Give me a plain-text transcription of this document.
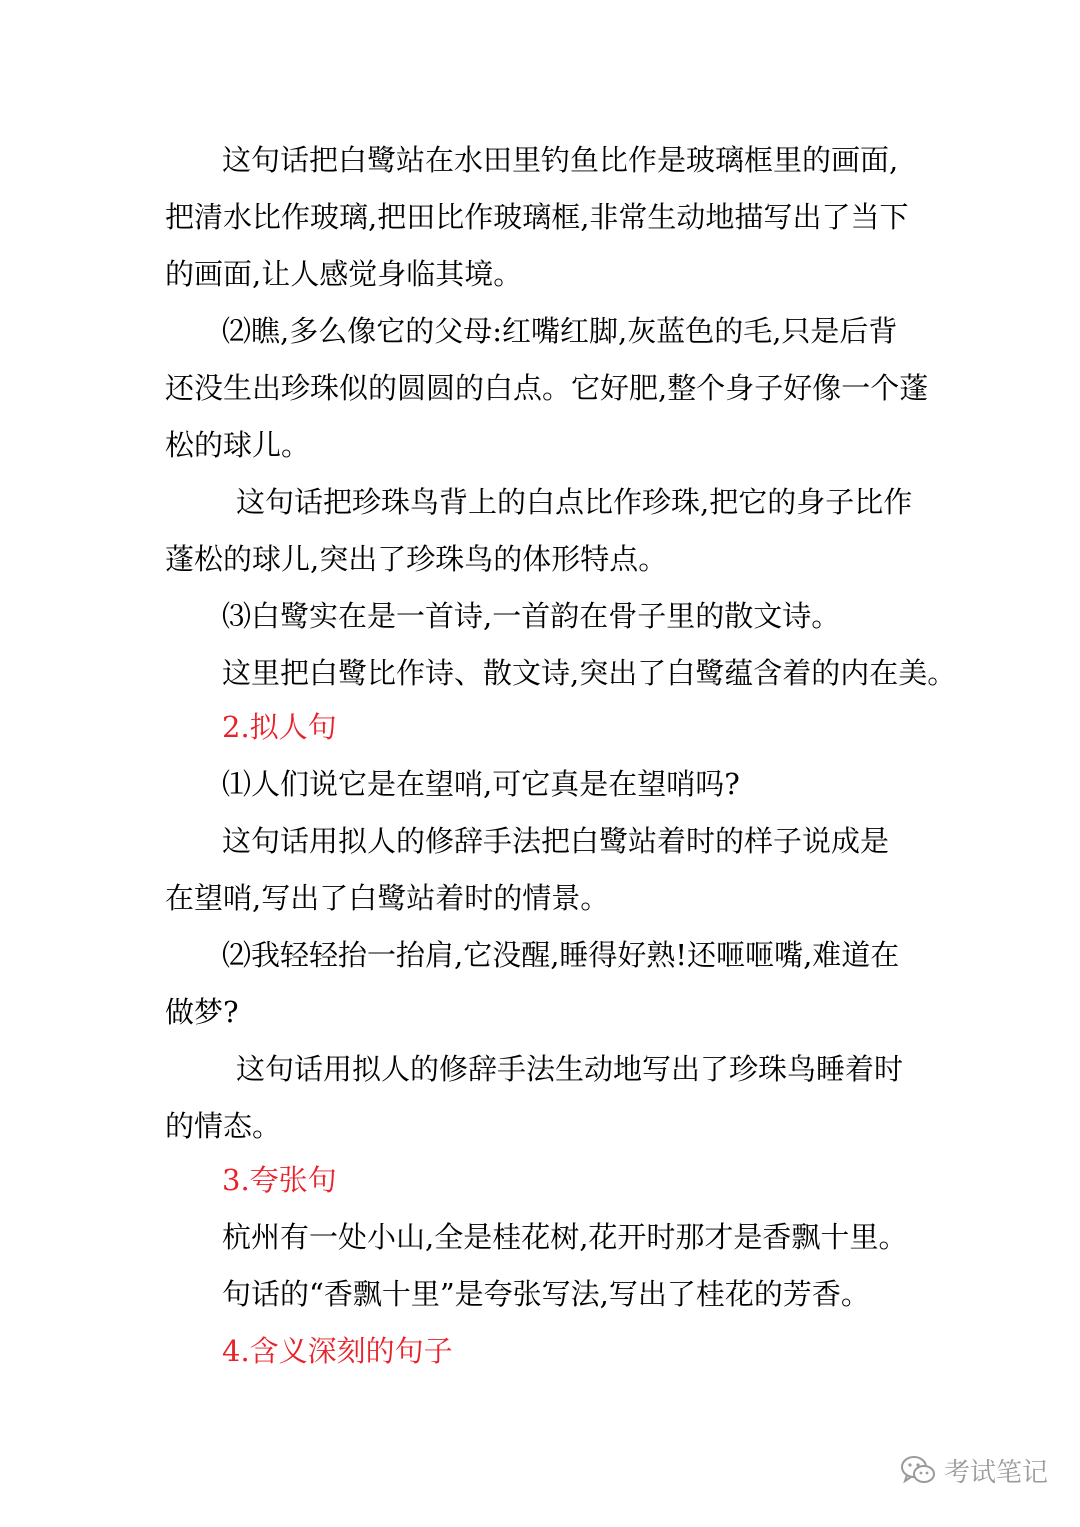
这句话把白鹭站在水田里钓鱼比作是玻璃框里的画面,
把清水比作玻璃,把田比作玻璃框,非常生动地描写出了当下
的画面,让人感觉身临其境。
⑵瞧,多么像它的父母:红嘴红脚,灰蓝色的毛,只是后背
还没生出珍珠似的圆圆的白点。它好肥,整个身子好像一个蓬
松的球儿。
这句话把珍珠鸟背上的白点比作珍珠,把它的身子比作
蓬松的球儿,突出了珍珠鸟的体形特点。
⑶白鹭实在是一首诗,一首韵在骨子里的散文诗。
这里把白鹭比作诗、散文诗,突出了白鹭蕴含着的内在美。
2.拟人句
⑴人们说它是在望哨,可它真是在望哨吗?
这句话用拟人的修辞手法把白鹭站着时的样子说成是
在望哨,写出了白鹭站着时的情景。
⑵我轻轻抬一抬肩,它没醒,睡得好熟!还咂咂嘴,难道在
做梦?
这句话用拟人的修辞手法生动地写出了珍珠鸟睡着时
的情态。
3.夸张句
杭州有一处小山,全是桂花树,花开时那才是香飘十里。
句话的“香飘十里”是夸张写法,写出了桂花的芳香。
4.含义深刻的句子
考试笔记
